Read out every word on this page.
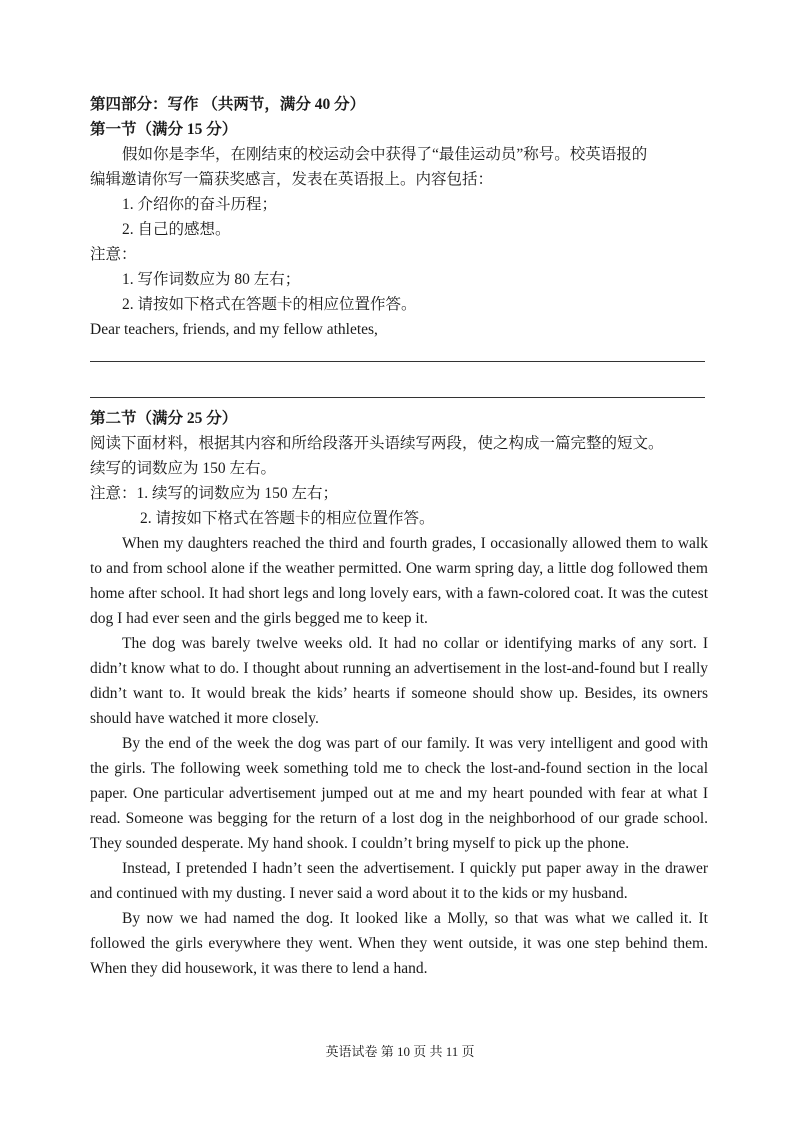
第四部分：写作 （共两节，满分 40 分）
第一节（满分 15 分）
假如你是李华，在刚结束的校运动会中获得了“最佳运动员”称号。校英语报的
编辑邀请你写一篇获奖感言，发表在英语报上。内容包括：
1. 介绍你的奋斗历程；
2. 自己的感想。
注意：
1. 写作词数应为 80 左右；
2. 请按如下格式在答题卡的相应位置作答。
Dear teachers, friends, and my fellow athletes,
第二节（满分 25 分）
阅读下面材料，根据其内容和所给段落开头语续写两段，使之构成一篇完整的短文。
续写的词数应为 150 左右。
注意：1. 续写的词数应为 150 左右；
2. 请按如下格式在答题卡的相应位置作答。

When my daughters reached the third and fourth grades, I occasionally allowed them to walk to and from school alone if the weather permitted. One warm spring day, a little dog followed them home after school. It had short legs and long lovely ears, with a fawn-colored coat. It was the cutest dog I had ever seen and the girls begged me to keep it.

The dog was barely twelve weeks old. It had no collar or identifying marks of any sort. I didn’t know what to do. I thought about running an advertisement in the lost-and-found but I really didn’t want to. It would break the kids’ hearts if someone should show up. Besides, its owners should have watched it more closely.

By the end of the week the dog was part of our family. It was very intelligent and good with the girls. The following week something told me to check the lost-and-found section in the local paper. One particular advertisement jumped out at me and my heart pounded with fear at what I read. Someone was begging for the return of a lost dog in the neighborhood of our grade school. They sounded desperate. My hand shook. I couldn’t bring myself to pick up the phone.

Instead, I pretended I hadn’t seen the advertisement. I quickly put paper away in the drawer and continued with my dusting. I never said a word about it to the kids or my husband.

By now we had named the dog. It looked like a Molly, so that was what we called it. It followed the girls everywhere they went. When they went outside, it was one step behind them. When they did housework, it was there to lend a hand.

英语试卷 第 10 页 共 11 页
